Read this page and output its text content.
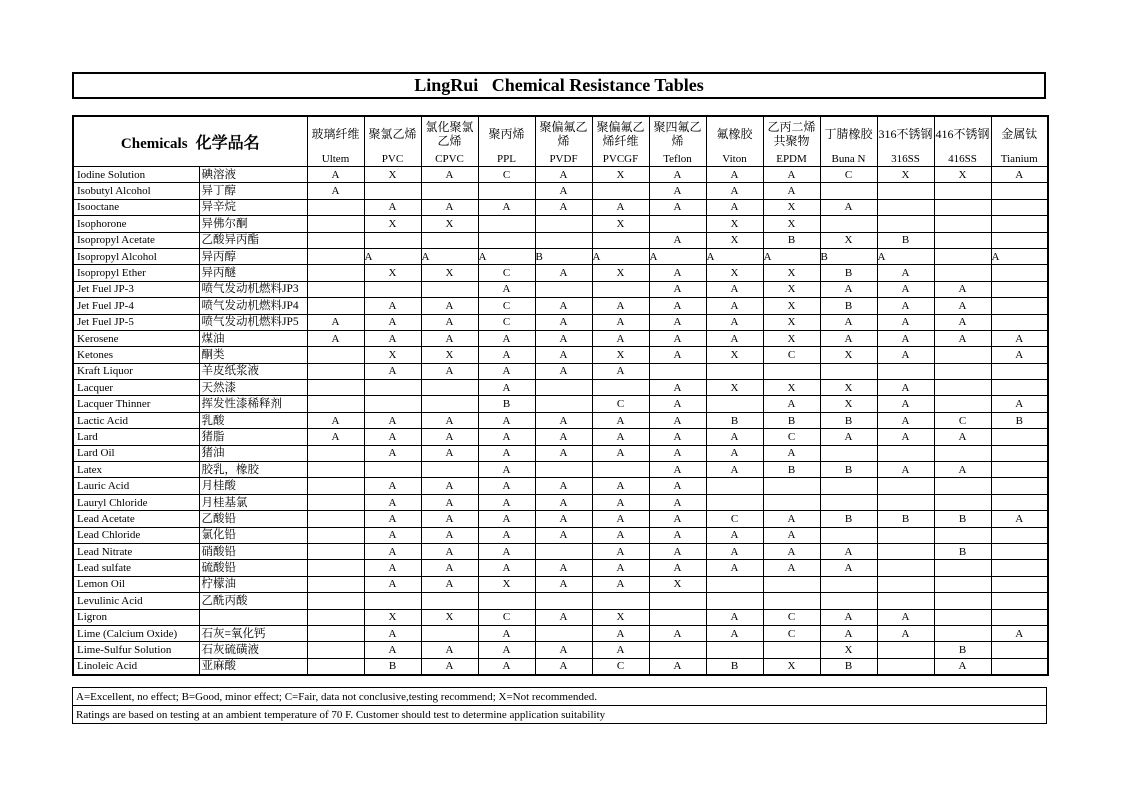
LingRui   Chemical Resistance Tables
Chemicals 化学品名		玻璃纤维	聚氯乙烯	氯化聚氯乙烯	聚丙烯	聚偏氟乙烯	聚偏氟乙烯纤维	聚四氟乙烯	氟橡胶	乙丙二烯共聚物	丁腈橡胶	316不锈钢	416不锈钢	金属钛
		Ultem	PVC	CPVC	PPL	PVDF	PVCGF	Teflon	Viton	EPDM	Buna N	316SS	416SS	Tianium
Iodine Solution	碘溶液	A	X	A	C	A	X	A	A	A	C	X	X	A
Isobutyl Alcohol	异丁醇	A				A		A	A	A				
Isooctane	异辛烷		A	A	A	A	A	A	A	X	A			
Isophorone	异佛尔酮		X	X			X		X	X				
Isopropyl Acetate	乙酸异丙酯							A	X	B	X	B		
Isopropyl Alcohol	异丙醇		A	A	A	B	A	A	A	A	B	A		A
Isopropyl Ether	异丙醚		X	X	C	A	X	A	X	X	B	A		
Jet Fuel JP-3	喷气发动机燃料JP3				A			A	A	X	A	A	A	
Jet Fuel JP-4	喷气发动机燃料JP4		A	A	C	A	A	A	A	X	B	A	A	
Jet Fuel JP-5	喷气发动机燃料JP5	A	A	A	C	A	A	A	A	X	A	A	A	
Kerosene	煤油	A	A	A	A	A	A	A	A	X	A	A	A	A
Ketones	酮类		X	X	A	A	X	A	X	C	X	A		A
Kraft Liquor	羊皮纸浆液		A	A	A	A	A							
Lacquer	天然漆				A			A	X	X	X	A		
Lacquer Thinner	挥发性漆稀释剂				B		C	A		A	X	A		A
Lactic Acid	乳酸	A	A	A	A	A	A	A	B	B	B	A	C	B
Lard	猪脂	A	A	A	A	A	A	A	A	C	A	A	A	
Lard Oil	猪油		A	A	A	A	A	A	A	A				
Latex	胶乳，橡胶				A			A	A	B	B	A	A	
Lauric Acid	月桂酸		A	A	A	A	A	A						
Lauryl Chloride	月桂基氯		A	A	A	A	A	A						
Lead Acetate	乙酸铅		A	A	A	A	A	A	C	A	B	B	B	A
Lead Chloride	氯化铅		A	A	A	A	A	A	A	A				
Lead Nitrate	硝酸铅		A	A	A		A	A	A	A	A		B	
Lead sulfate	硫酸铅		A	A	A	A	A	A	A	A	A			
Lemon Oil	柠檬油		A	A	X	A	A	X						
Levulinic Acid	乙酰丙酸													
Ligron			X	X	C	A	X		A	C	A	A		
Lime (Calcium Oxide)	石灰=氧化钙		A		A		A	A	A	C	A	A		A
Lime-Sulfur Solution	石灰硫磺液		A	A	A	A	A				X		B	
Linoleic Acid	亚麻酸		B	A	A	A	C	A	B	X	B		A	
A=Excellent, no effect; B=Good, minor effect; C=Fair, data not conclusive,testing recommend; X=Not recommended.
Ratings are based on testing at an ambient temperature of 70 F. Customer should test to determine application suitability
